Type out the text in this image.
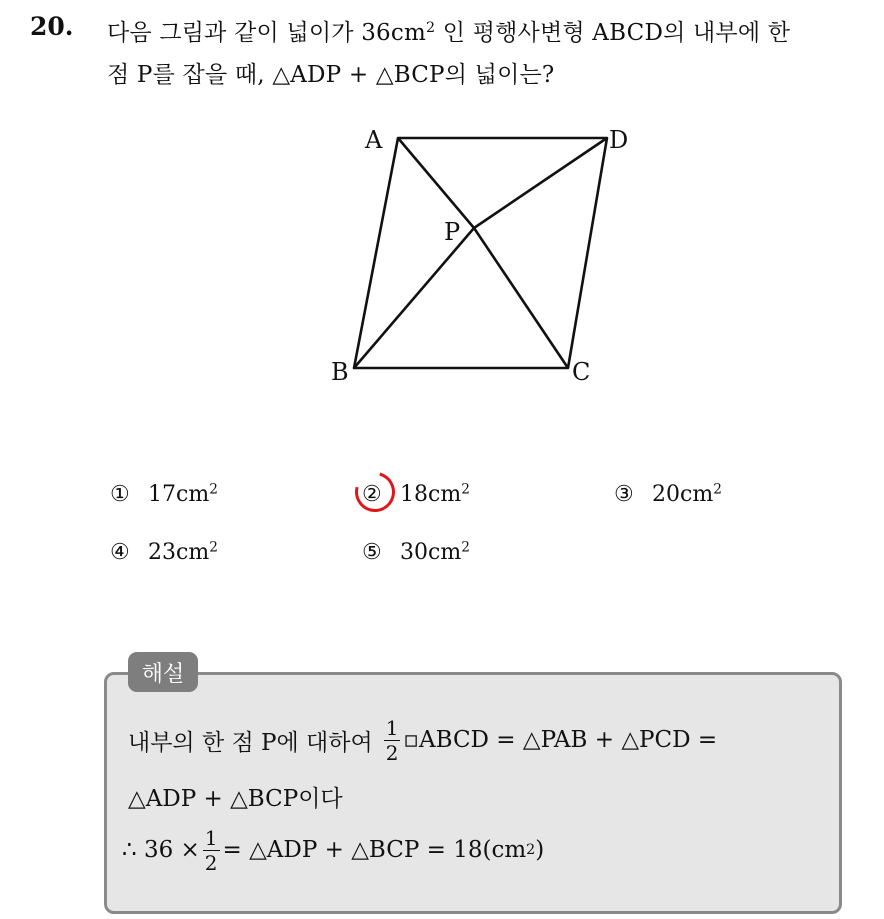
20. 다음 그림과 같이 넓이가 $36cm^2$ 인 평행사변형 ABCD의 내부에 한
점 P를 잡을 때, △ADP + △BCP의 넓이는?
A	D
P
B	C
① $17cm^2$	② $18cm^2$	③ $20cm^2$
④ $23cm^2$	⑤ $30cm^2$
해설
내부의 한 점 P에 대하여 $\frac{1}{2}$ ▫ABCD = △PAB + △PCD =
△ADP + △BCP이다
∴ $36 \times \frac{1}{2}$ = △ADP + △BCP = 18(cm 2 )
